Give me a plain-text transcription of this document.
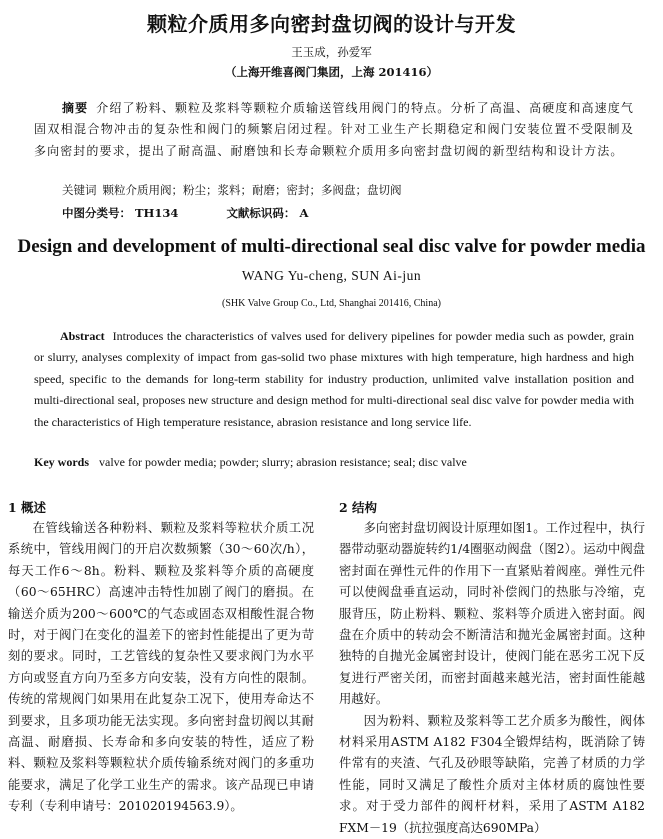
颗粒介质用多向密封盘切阀的设计与开发
王玉成，孙爱军
（上海开维喜阀门集团，上海 201416）
摘要 介绍了粉料、颗粒及浆料等颗粒介质输送管线用阀门的特点。分析了高温、高硬度和高速度气固双相混合物冲击的复杂性和阀门的频繁启闭过程。针对工业生产长期稳定和阀门安装位置不受限制及多向密封的要求，提出了耐高温、耐磨蚀和长寿命颗粒介质用多向密封盘切阀的新型结构和设计方法。
关键词 颗粒介质用阀；粉尘；浆料；耐磨；密封；多阀盘；盘切阀
中图分类号： TH134	文献标识码： A
Design and development of multi-directional seal disc valve for powder media
WANG Yu-cheng, SUN Ai-jun
(SHK Valve Group Co., Ltd, Shanghai 201416, China)
Abstract Introduces the characteristics of valves used for delivery pipelines for powder media such as powder, grain or slurry, analyses complexity of impact from gas-solid two phase mixtures with high temperature, high hardness and high speed, specific to the demands for long-term stability for industry production, unlimited valve installation position and multi-directional seal, proposes new structure and design method for multi-directional seal disc valve for powder media with the characteristics of High temperature resistance, abrasion resistance and long service life.
Key words valve for powder media; powder; slurry; abrasion resistance; seal; disc valve
1 概述	2 结构

在管线输送各种粉料、颗粒及浆料等粒状介质工况系统中，管线用阀门的开启次数频繁（30～60次/h），每天工作6～8h。粉料、颗粒及浆料等介质的高硬度（60～65HRC）高速冲击特性加剧了阀门的磨损。在输送介质为200～600℃的气态或固态双相酸性混合物时，对于阀门在变化的温差下的密封性能提出了更为苛刻的要求。同时，工艺管线的复杂性又要求阀门为水平方向或竖直方向乃至多方向安装，没有方向性的限制。传统的常规阀门如果用在此复杂工况下，使用寿命达不到要求，且多项功能无法实现。多向密封盘切阀以其耐高温、耐磨损、长寿命和多向安装的特性，适应了粉料、颗粒及浆料等颗粒状介质传输系统对阀门的多重功能要求，满足了化学工业生产的需求。该产品现已申请专利（专利申请号：201020194563.9）。

多向密封盘切阀设计原理如图1。工作过程中，执行器带动驱动器旋转约1/4圈驱动阀盘（图2）。运动中阀盘密封面在弹性元件的作用下一直紧贴着阀座。弹性元件可以使阀盘垂直运动，同时补偿阀门的热胀与冷缩，克服背压，防止粉料、颗粒、浆料等介质进入密封面。阀盘在介质中的转动会不断清洁和抛光金属密封面。这种独特的自抛光金属密封设计，使阀门能在恶劣工况下反复进行严密关闭，而密封面越来越光洁，密封面性能越用越好。

因为粉料、颗粒及浆料等工艺介质多为酸性，阀体材料采用ASTM A182 F304全锻焊结构，既消除了铸件常有的夹渣、气孔及砂眼等缺陷，完善了材质的力学性能，同时又满足了酸性介质对主体材质的腐蚀性要求。对于受力部件的阀杆材料，采用了ASTM A182 FXM－19（抗拉强度高达690MPa）
